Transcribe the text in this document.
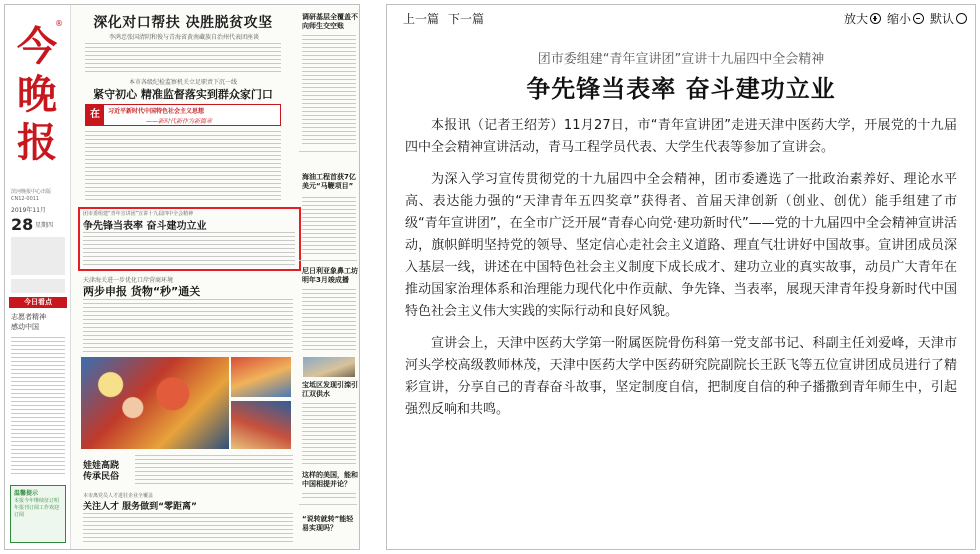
今
晚
报
®
滨河晚报中心出版
CN12-0011
2019年11月
28 星期四
今日看点
志愿者精神
感动中国
温馨提示
本报今年继续征订明年报刊订阅工作欢迎订阅
深化对口帮扶 决胜脱贫攻坚
李鸿忠张国清阴和俊与青海省黄南藏族自治州代表团座谈
本市各级纪检监察机关立足职责下沉一线
紧守初心 精准监督落实到群众家门口
在	习近平新时代中国特色社会主义思想
——新时代新作为新篇章
团市委组建“青年宣讲团”宣讲十九届四中全会精神
争先锋当表率 奋斗建功立业
天津海关进一步优化口岸营商环境
两步申报 货物“秒”通关
娃娃高跷
传承民俗
本市离党员人才进驻企业全覆盖
关注人才 服务做到“零距离”
调研基层全覆盖不向师生交空账
海油工程首获7亿美元“马鞭项目”
尼日利亚象鼻工坊明年3月竣成播
宝坻区发现引滦引江双供水
这样的美国，能和中国相提并论？
“说转就转”能轻易实现吗？
上一篇 下一篇	放大 缩小 默认
团市委组建“青年宣讲团”宣讲十九届四中全会精神
争先锋当表率 奋斗建功立业

本报讯（记者王绍芳）11月27日，市“青年宣讲团”走进天津中医药大学，开展党的十九届四中全会精神宣讲活动，青马工程学员代表、大学生代表等参加了宣讲会。

为深入学习宣传贯彻党的十九届四中全会精神，团市委遴选了一批政治素养好、理论水平高、表达能力强的“天津青年五四奖章”获得者、首届天津创新（创业、创优）能手组建了市级“青年宣讲团”，在全市广泛开展“青春心向党·建功新时代”——党的十九届四中全会精神宣讲活动，旗帜鲜明坚持党的领导、坚定信心走社会主义道路、理直气壮讲好中国故事。宣讲团成员深入基层一线，讲述在中国特色社会主义制度下成长成才、建功立业的真实故事，动员广大青年在推动国家治理体系和治理能力现代化中作贡献、争先锋、当表率，展现天津青年投身新时代中国特色社会主义伟大实践的实际行动和良好风貌。

宣讲会上，天津中医药大学第一附属医院骨伤科第一党支部书记、科副主任刘爱峰，天津市河头学校高级教师林茂，天津中医药大学中医药研究院副院长王跃飞等五位宣讲团成员进行了精彩宣讲，分享自己的青春奋斗故事，坚定制度自信，把制度自信的种子播撒到青年师生中，引起强烈反响和共鸣。
